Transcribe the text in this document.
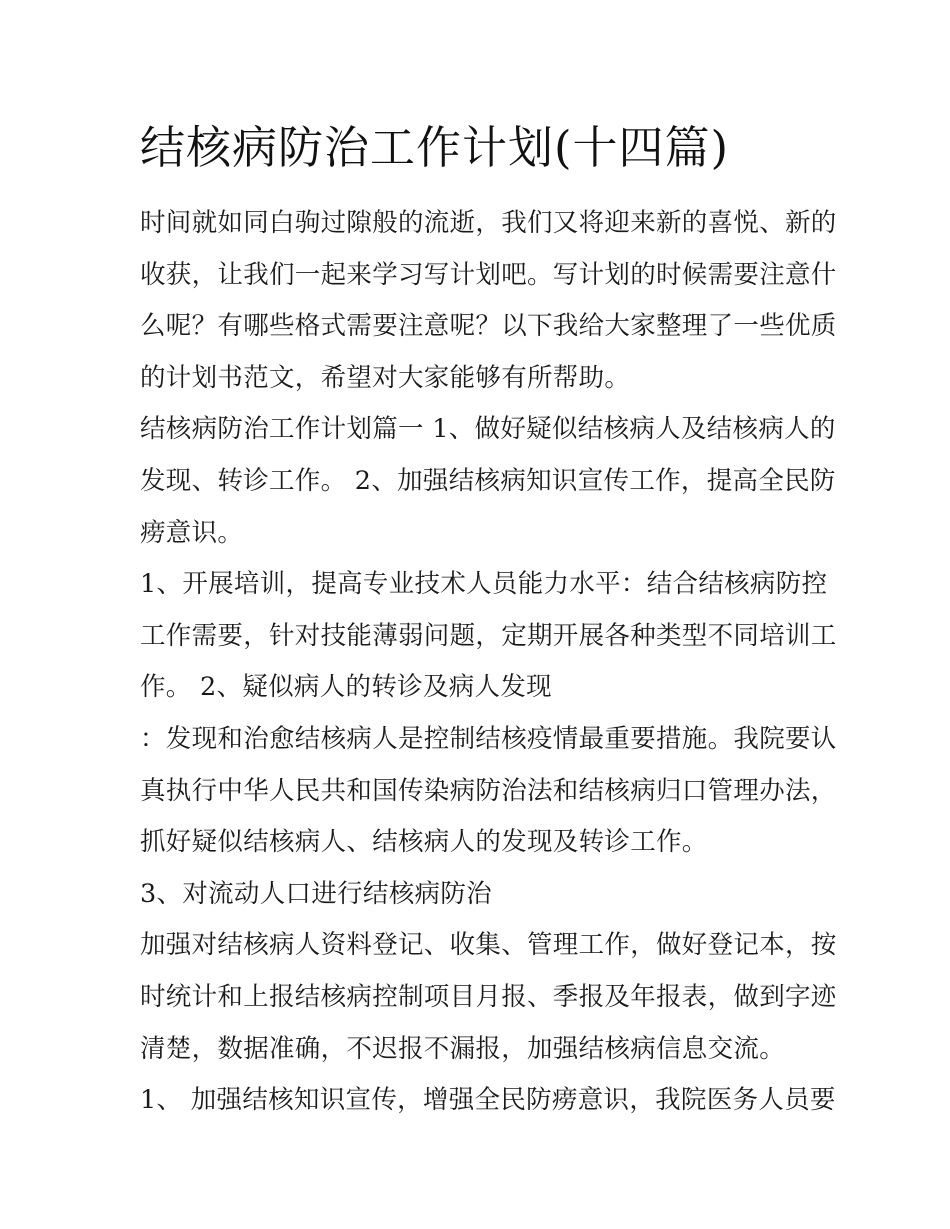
结核病防治工作计划(十四篇)
时间就如同白驹过隙般的流逝，我们又将迎来新的喜悦、新的
收获，让我们一起来学习写计划吧。写计划的时候需要注意什
么呢？有哪些格式需要注意呢？以下我给大家整理了一些优质
的计划书范文，希望对大家能够有所帮助。
结核病防治工作计划篇一 1、做好疑似结核病人及结核病人的
发现、转诊工作。 2、加强结核病知识宣传工作，提高全民防
痨意识。
1、开展培训，提高专业技术人员能力水平：结合结核病防控
工作需要，针对技能薄弱问题，定期开展各种类型不同培训工
作。 2、疑似病人的转诊及病人发现
：发现和治愈结核病人是控制结核疫情最重要措施。我院要认
真执行中华人民共和国传染病防治法和结核病归口管理办法，
抓好疑似结核病人、结核病人的发现及转诊工作。
3、对流动人口进行结核病防治
加强对结核病人资料登记、收集、管理工作，做好登记本，按
时统计和上报结核病控制项目月报、季报及年报表，做到字迹
清楚，数据准确，不迟报不漏报，加强结核病信息交流。
1、 加强结核知识宣传，增强全民防痨意识，我院医务人员要
